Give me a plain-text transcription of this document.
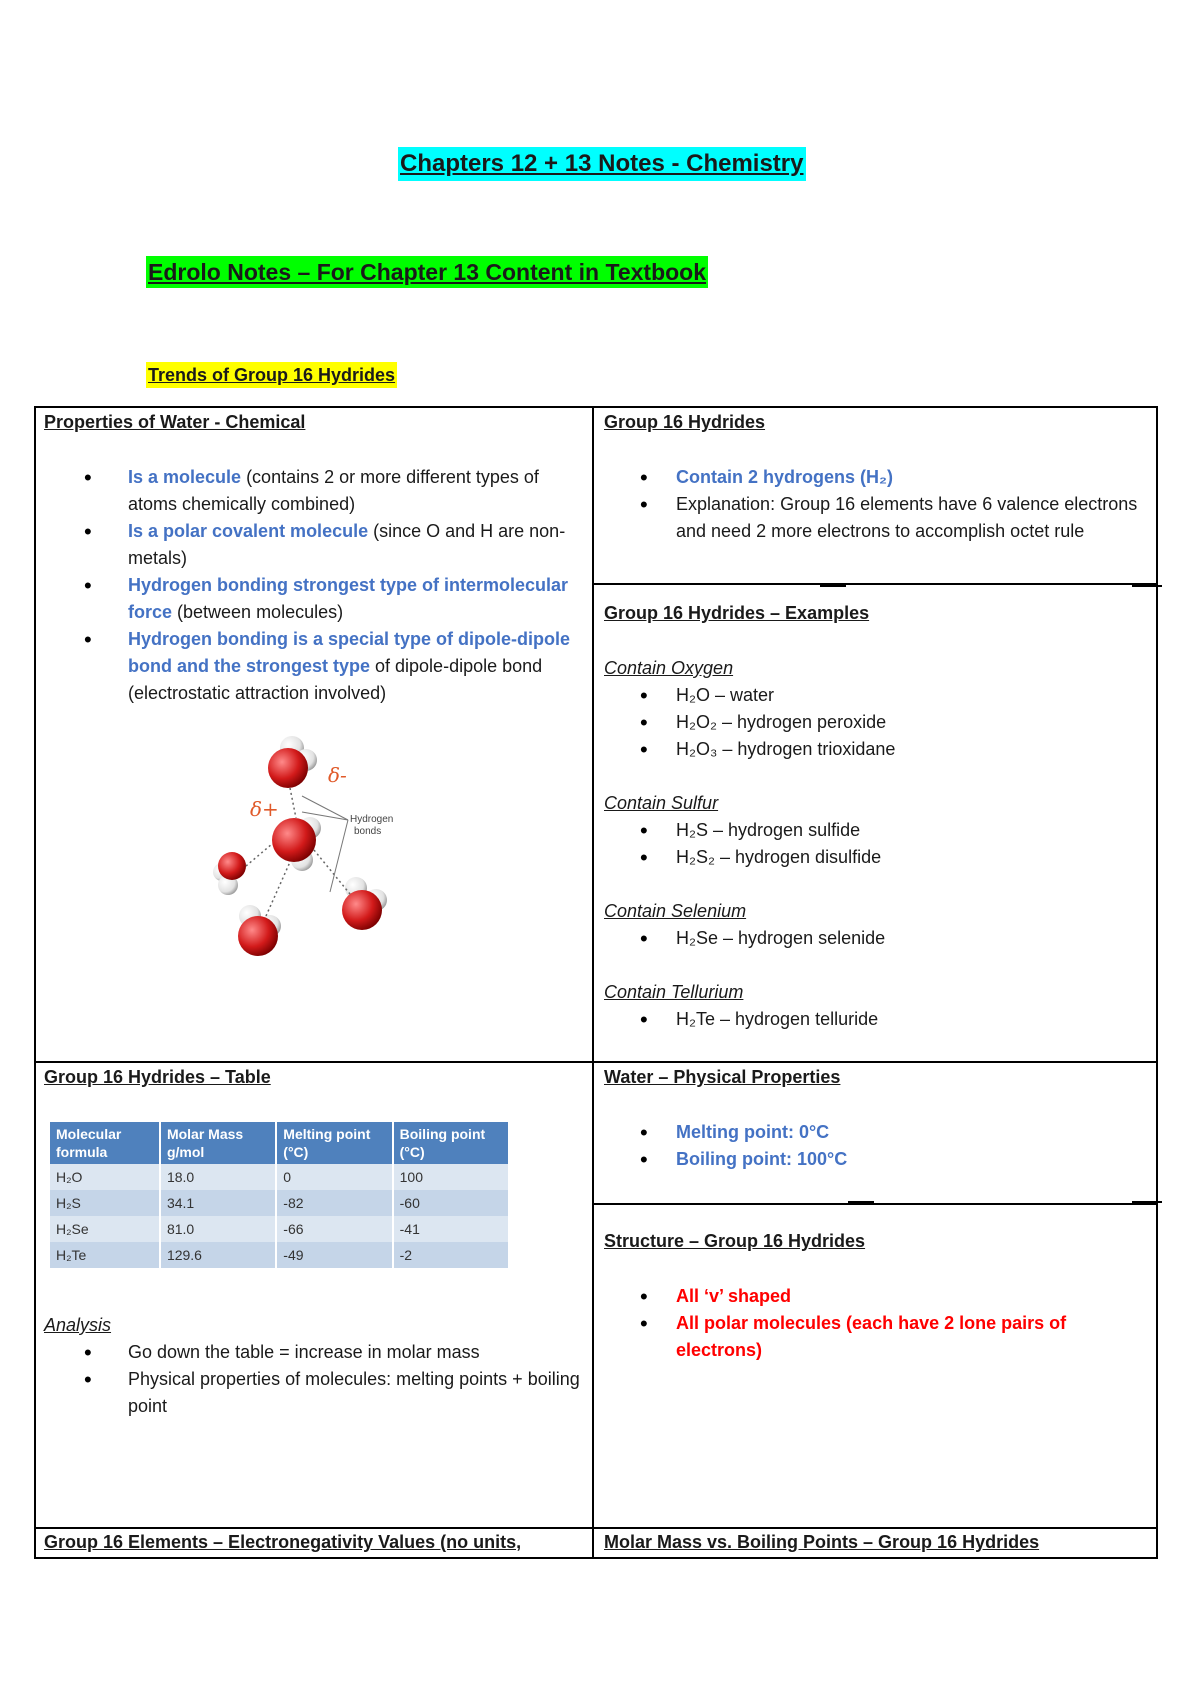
Chapters 12 + 13 Notes - Chemistry
Edrolo Notes – For Chapter 13 Content in Textbook
Trends of Group 16 Hydrides
Properties of Water - Chemical
• Is a molecule (contains 2 or more different types of atoms chemically combined)
• Is a polar covalent molecule (since O and H are non-metals)
• Hydrogen bonding strongest type of intermolecular force (between molecules)
• Hydrogen bonding is a special type of dipole-dipole bond and the strongest type of dipole-dipole bond (electrostatic attraction involved)
δ-
δ+	Hydrogen
bonds
Group 16 Hydrides
• Contain 2 hydrogens (H₂)
• Explanation: Group 16 elements have 6 valence electrons and need 2 more electrons to accomplish octet rule
Group 16 Hydrides – Examples
Contain Oxygen
• H₂O – water
• H₂O₂ – hydrogen peroxide
• H₂O₃ – hydrogen trioxidane
Contain Sulfur
• H₂S – hydrogen sulfide
• H₂S₂ – hydrogen disulfide
Contain Selenium
• H₂Se – hydrogen selenide
Contain Tellurium
• H₂Te – hydrogen telluride
Group 16 Hydrides – Table
Molecular formula	Molar Mass g/mol	Melting point (°C)	Boiling point (°C)
H₂O	18.0	0	100
H₂S	34.1	-82	-60
H₂Se	81.0	-66	-41
H₂Te	129.6	-49	-2
Analysis
• Go down the table = increase in molar mass
• Physical properties of molecules: melting points + boiling point
Water – Physical Properties
• Melting point: 0°C
• Boiling point: 100°C
Structure – Group 16 Hydrides
• All ‘v’ shaped
• All polar molecules (each have 2 lone pairs of electrons)
Group 16 Elements – Electronegativity Values (no units,	Molar Mass vs. Boiling Points – Group 16 Hydrides
